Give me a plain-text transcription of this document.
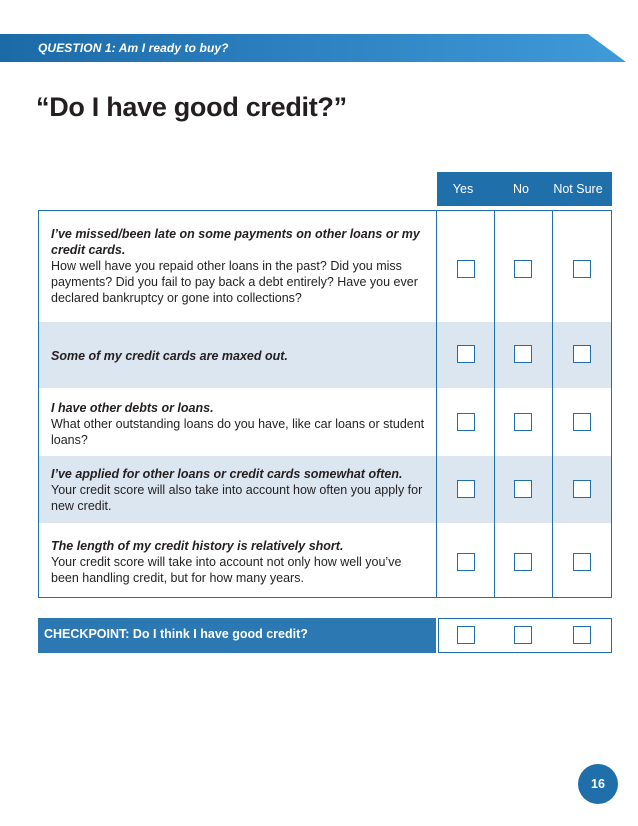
QUESTION 1: Am I ready to buy?
“Do I have good credit?”
Yes	No	Not Sure
I’ve missed/been late on some payments on other loans or my credit cards.
How well have you repaid other loans in the past? Did you miss payments? Did you fail to pay back a debt entirely? Have you ever declared bankruptcy or gone into collections?
Some of my credit cards are maxed out.
I have other debts or loans.
What other outstanding loans do you have, like car loans or student loans?
I’ve applied for other loans or credit cards somewhat often.
Your credit score will also take into account how often you apply for new credit.
The length of my credit history is relatively short.
Your credit score will take into account not only how well you’ve been handling credit, but for how many years.
CHECKPOINT: Do I think I have good credit?
16
